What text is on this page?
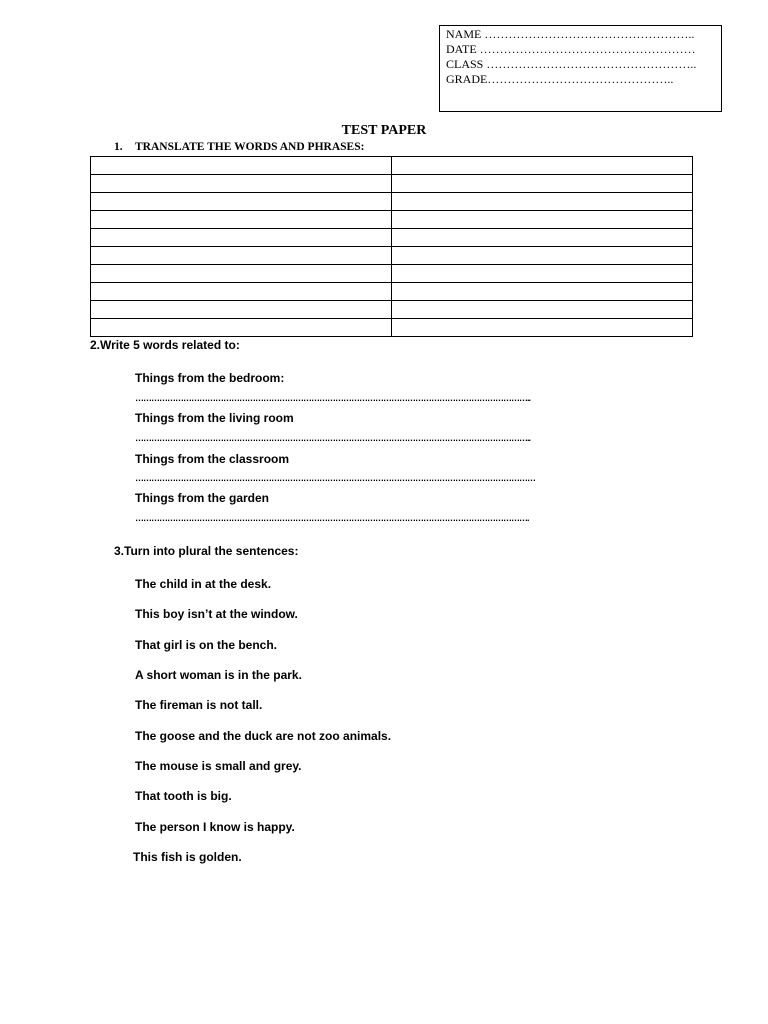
NAME ……………………………………………..
DATE ………………………………………………
CLASS ……………………………………………..
GRADE………………………………………..
TEST PAPER
1. TRANSLATE THE WORDS AND PHRASES:

2.Write 5 words related to:
Things from the bedroom:
…………………………………………………………………………………………………………………………………..
Things from the living room
…………………………………………………………………………………………………………………………………..
Things from the classroom
……………………………………………………………………………………………………………………………………
Things from the garden
………………………………………………………………………………………………………………………………….
3.Turn into plural the sentences:
The child in at the desk.
This boy isn’t at the window.
That girl is on the bench.
A short woman is in the park.
The fireman is not tall.
The goose and the duck are not zoo animals.
The mouse is small and grey.
That tooth is big.
The person I know is happy.
This fish is golden.
